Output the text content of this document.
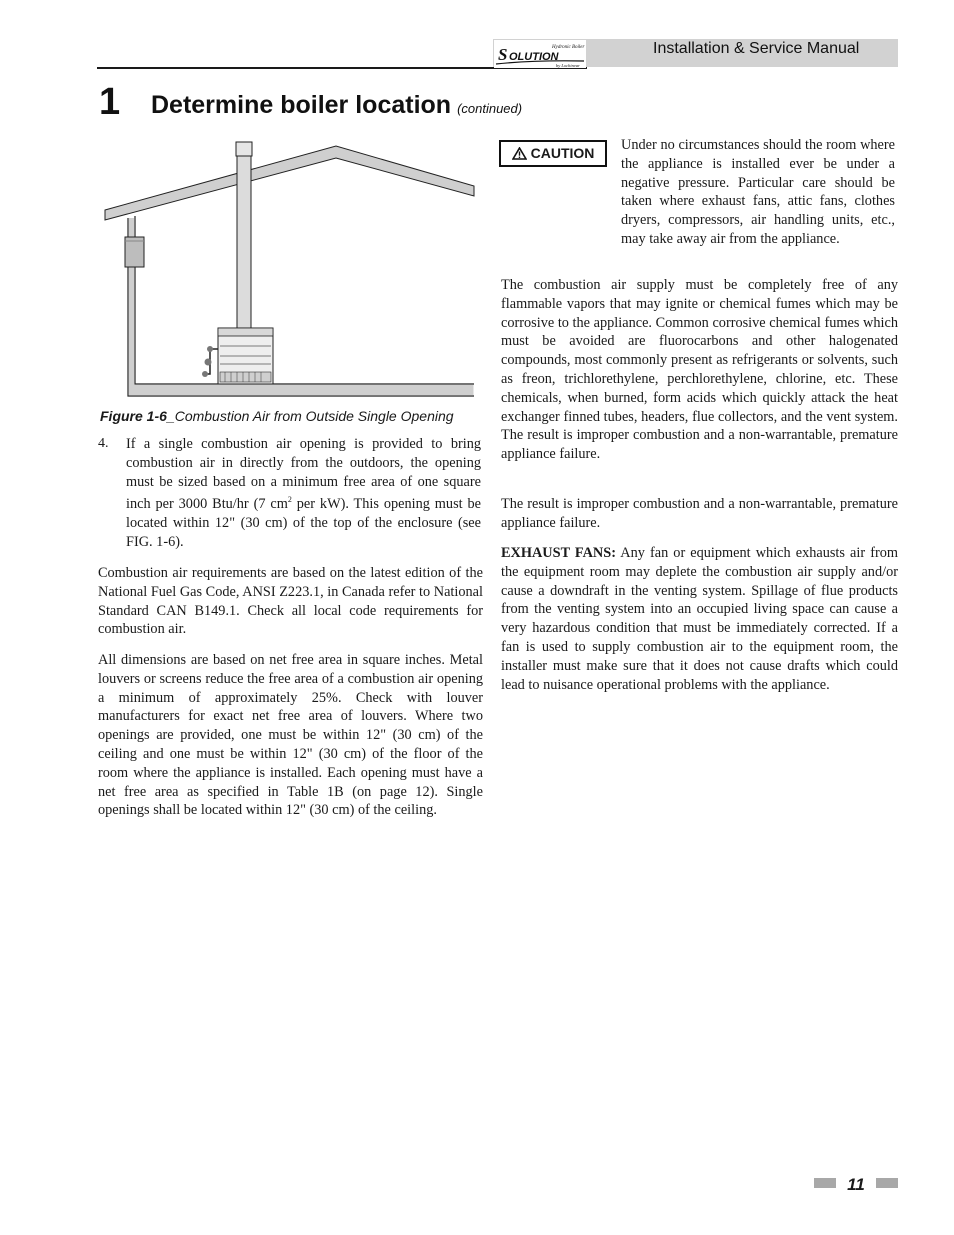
S OLUTION
Hydronic Boiler
by Lochinvar
Installation & Service Manual
1 Determine boiler location (continued)
Figure 1-6_Combustion Air from Outside Single Opening
4. If a single combustion air opening is provided to bring combustion air in directly from the outdoors, the opening must be sized based on a minimum free area of one square inch per 3000 Btu/hr (7 $cm^2$ per kW). This opening must be located within 12" (30 cm) of the top of the enclosure (see FIG. 1-6).
Combustion air requirements are based on the latest edition of the National Fuel Gas Code, ANSI Z223.1, in Canada refer to National Standard CAN B149.1. Check all local code requirements for combustion air.
All dimensions are based on net free area in square inches. Metal louvers or screens reduce the free area of a combustion air opening a minimum of approximately 25%. Check with louver manufacturers for exact net free area of louvers. Where two openings are provided, one must be within 12" (30 cm) of the ceiling and one must be within 12" (30 cm) of the floor of the room where the appliance is installed. Each opening must have a net free area as specified in Table 1B (on page 12). Single openings shall be located within 12" (30 cm) of the ceiling.
CAUTION	Under no circumstances should the room where the appliance is installed ever be under a negative pressure. Particular care should be taken where exhaust fans, attic fans, clothes dryers, compressors, air handling units, etc., may take away air from the appliance.
The combustion air supply must be completely free of any flammable vapors that may ignite or chemical fumes which may be corrosive to the appliance. Common corrosive chemical fumes which must be avoided are fluorocarbons and other halogenated compounds, most commonly present as refrigerants or solvents, such as freon, trichlorethylene, perchlorethylene, chlorine, etc. These chemicals, when burned, form acids which quickly attack the heat exchanger finned tubes, headers, flue collectors, and the vent system. The result is improper combustion and a non-warrantable, premature appliance failure.
The result is improper combustion and a non-warrantable, premature appliance failure.
EXHAUST FANS: Any fan or equipment which exhausts air from the equipment room may deplete the combustion air supply and/or cause a downdraft in the venting system. Spillage of flue products from the venting system into an occupied living space can cause a very hazardous condition that must be immediately corrected. If a fan is used to supply combustion air to the equipment room, the installer must make sure that it does not cause drafts which could lead to nuisance operational problems with the appliance.
11
